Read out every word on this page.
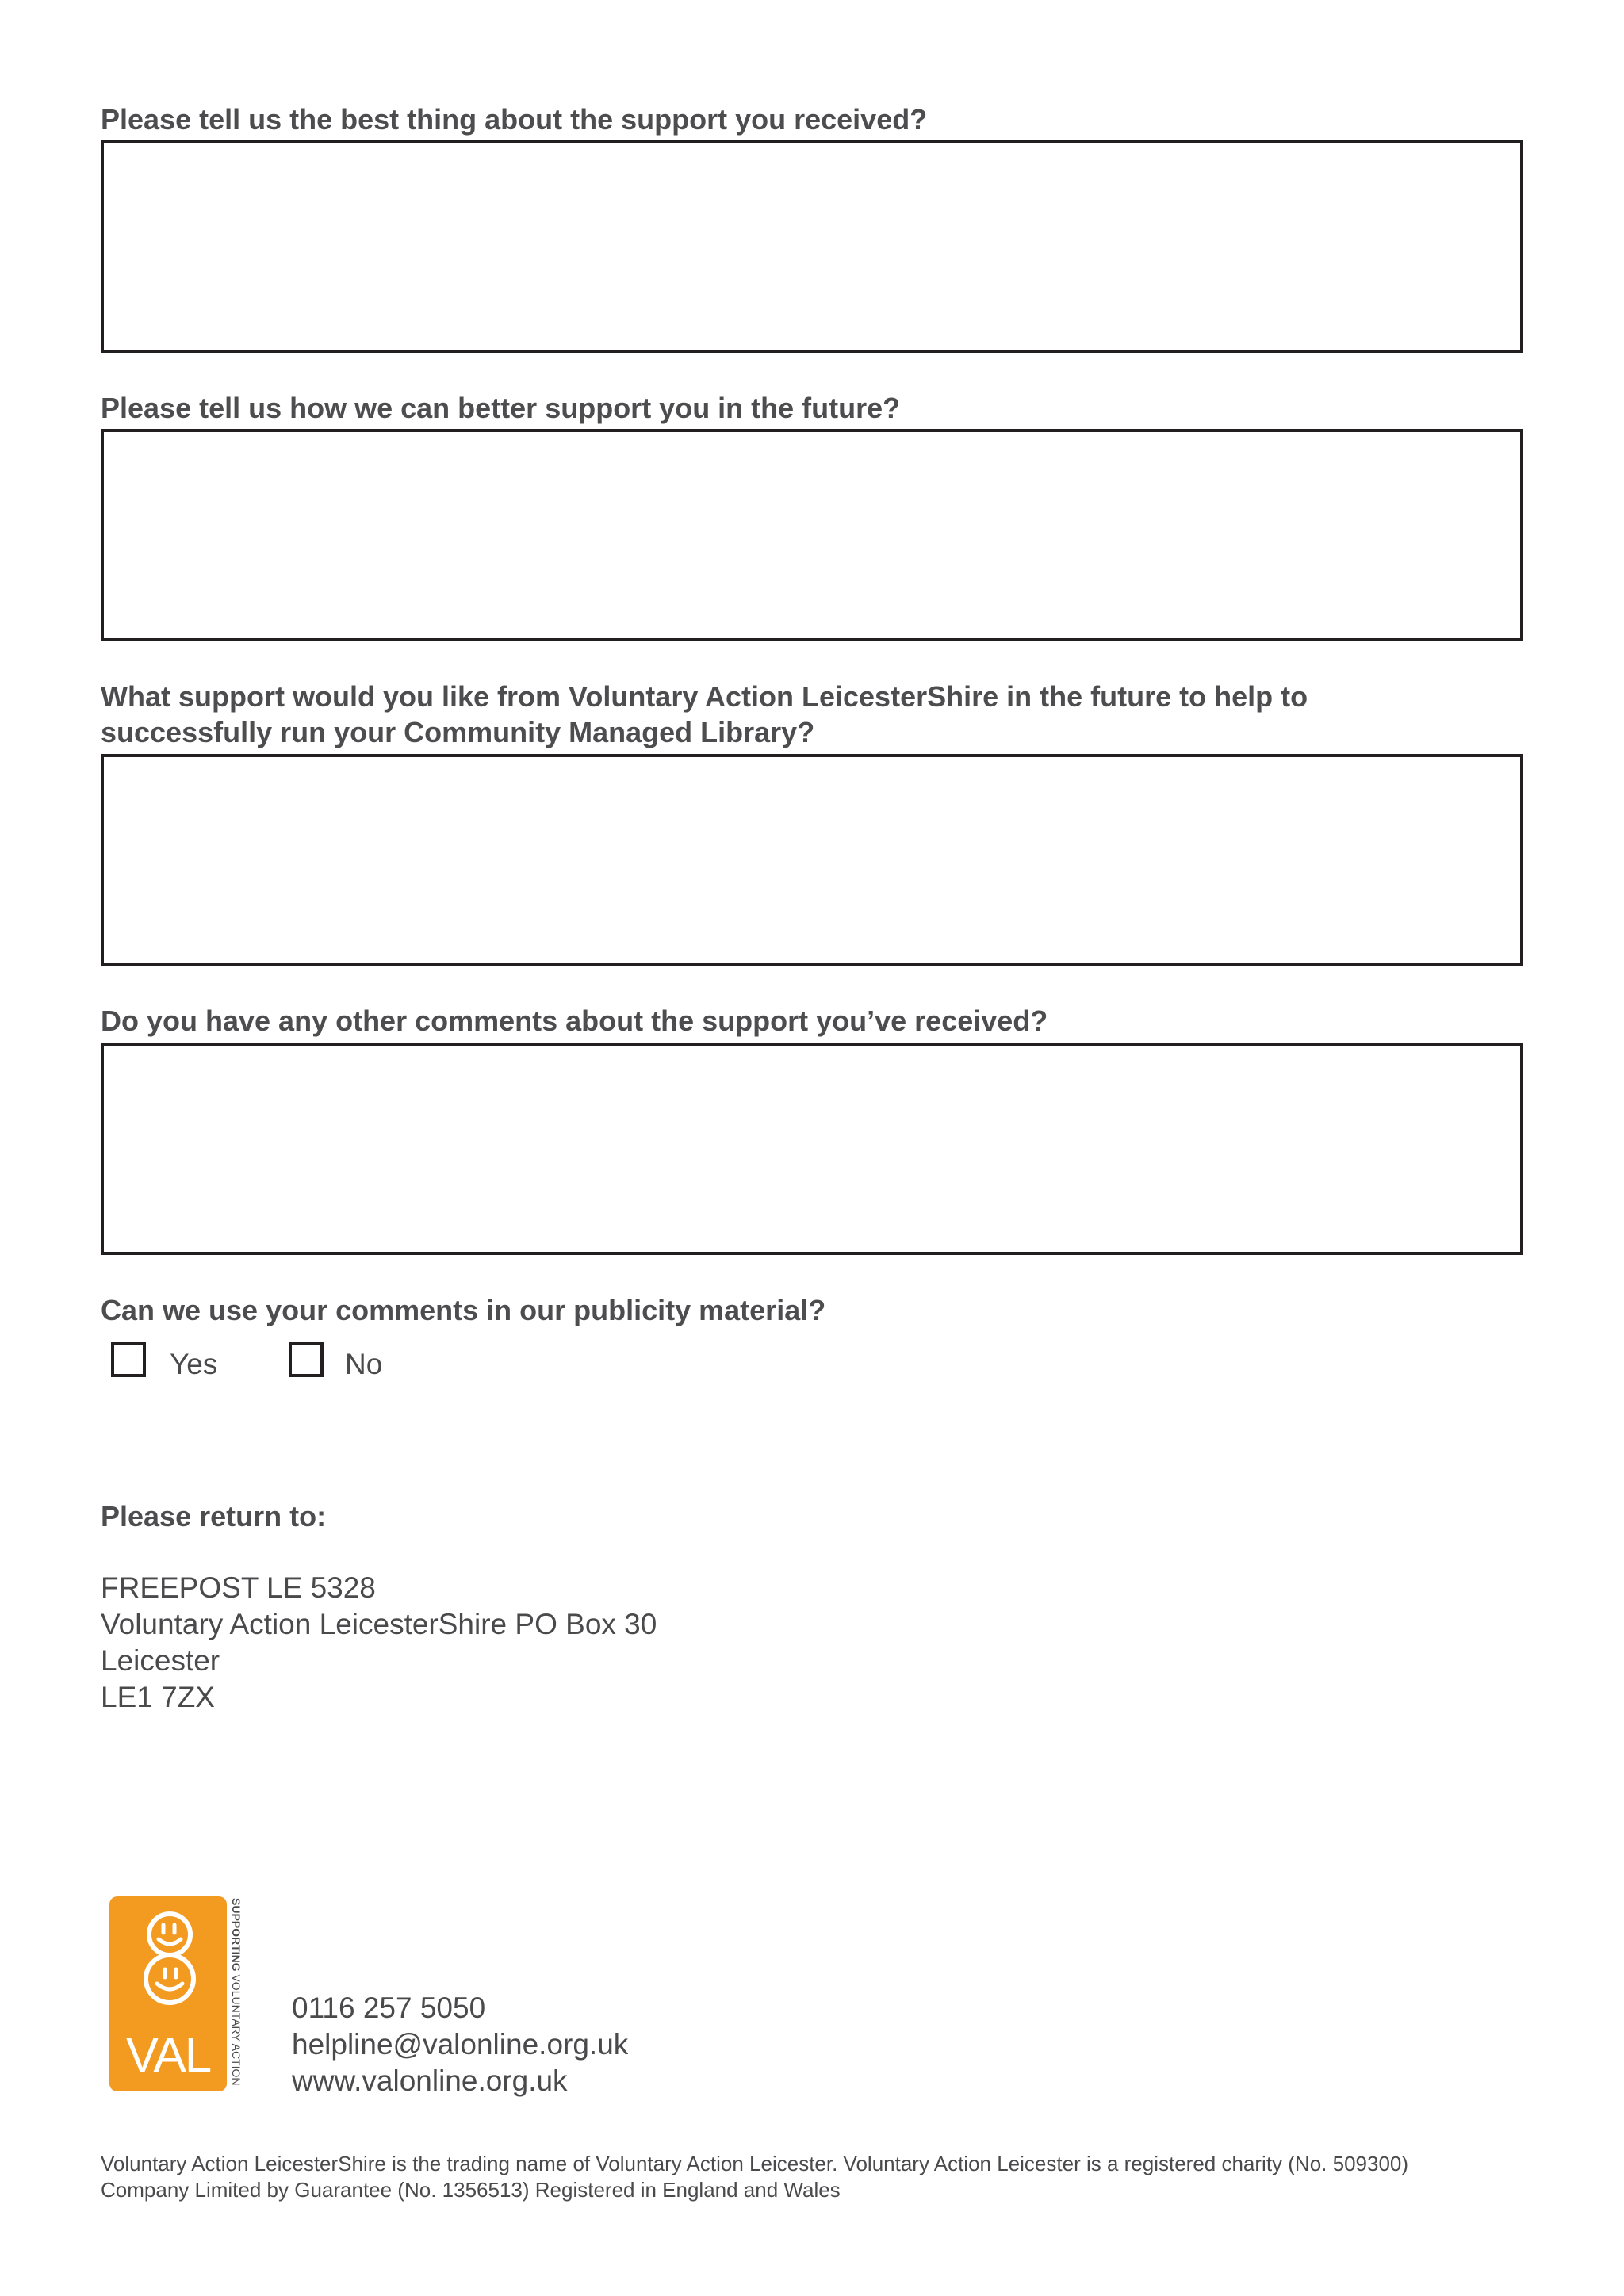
Please tell us the best thing about the support you received?
Please tell us how we can better support you in the future?
What support would you like from Voluntary Action LeicesterShire in the future to help to
successfully run your Community Managed Library?
Do you have any other comments about the support you’ve received?
Can we use your comments in our publicity material?
Yes	No
Please return to:
FREEPOST LE 5328
Voluntary Action LeicesterShire PO Box 30
Leicester
LE1 7ZX
VAL
SUPPORTING VOLUNTARY ACTION 0116 257 5050
helpline@valonline.org.uk
www.valonline.org.uk
Voluntary Action LeicesterShire is the trading name of Voluntary Action Leicester. Voluntary Action Leicester is a registered charity (No. 509300)
Company Limited by Guarantee (No. 1356513) Registered in England and Wales
